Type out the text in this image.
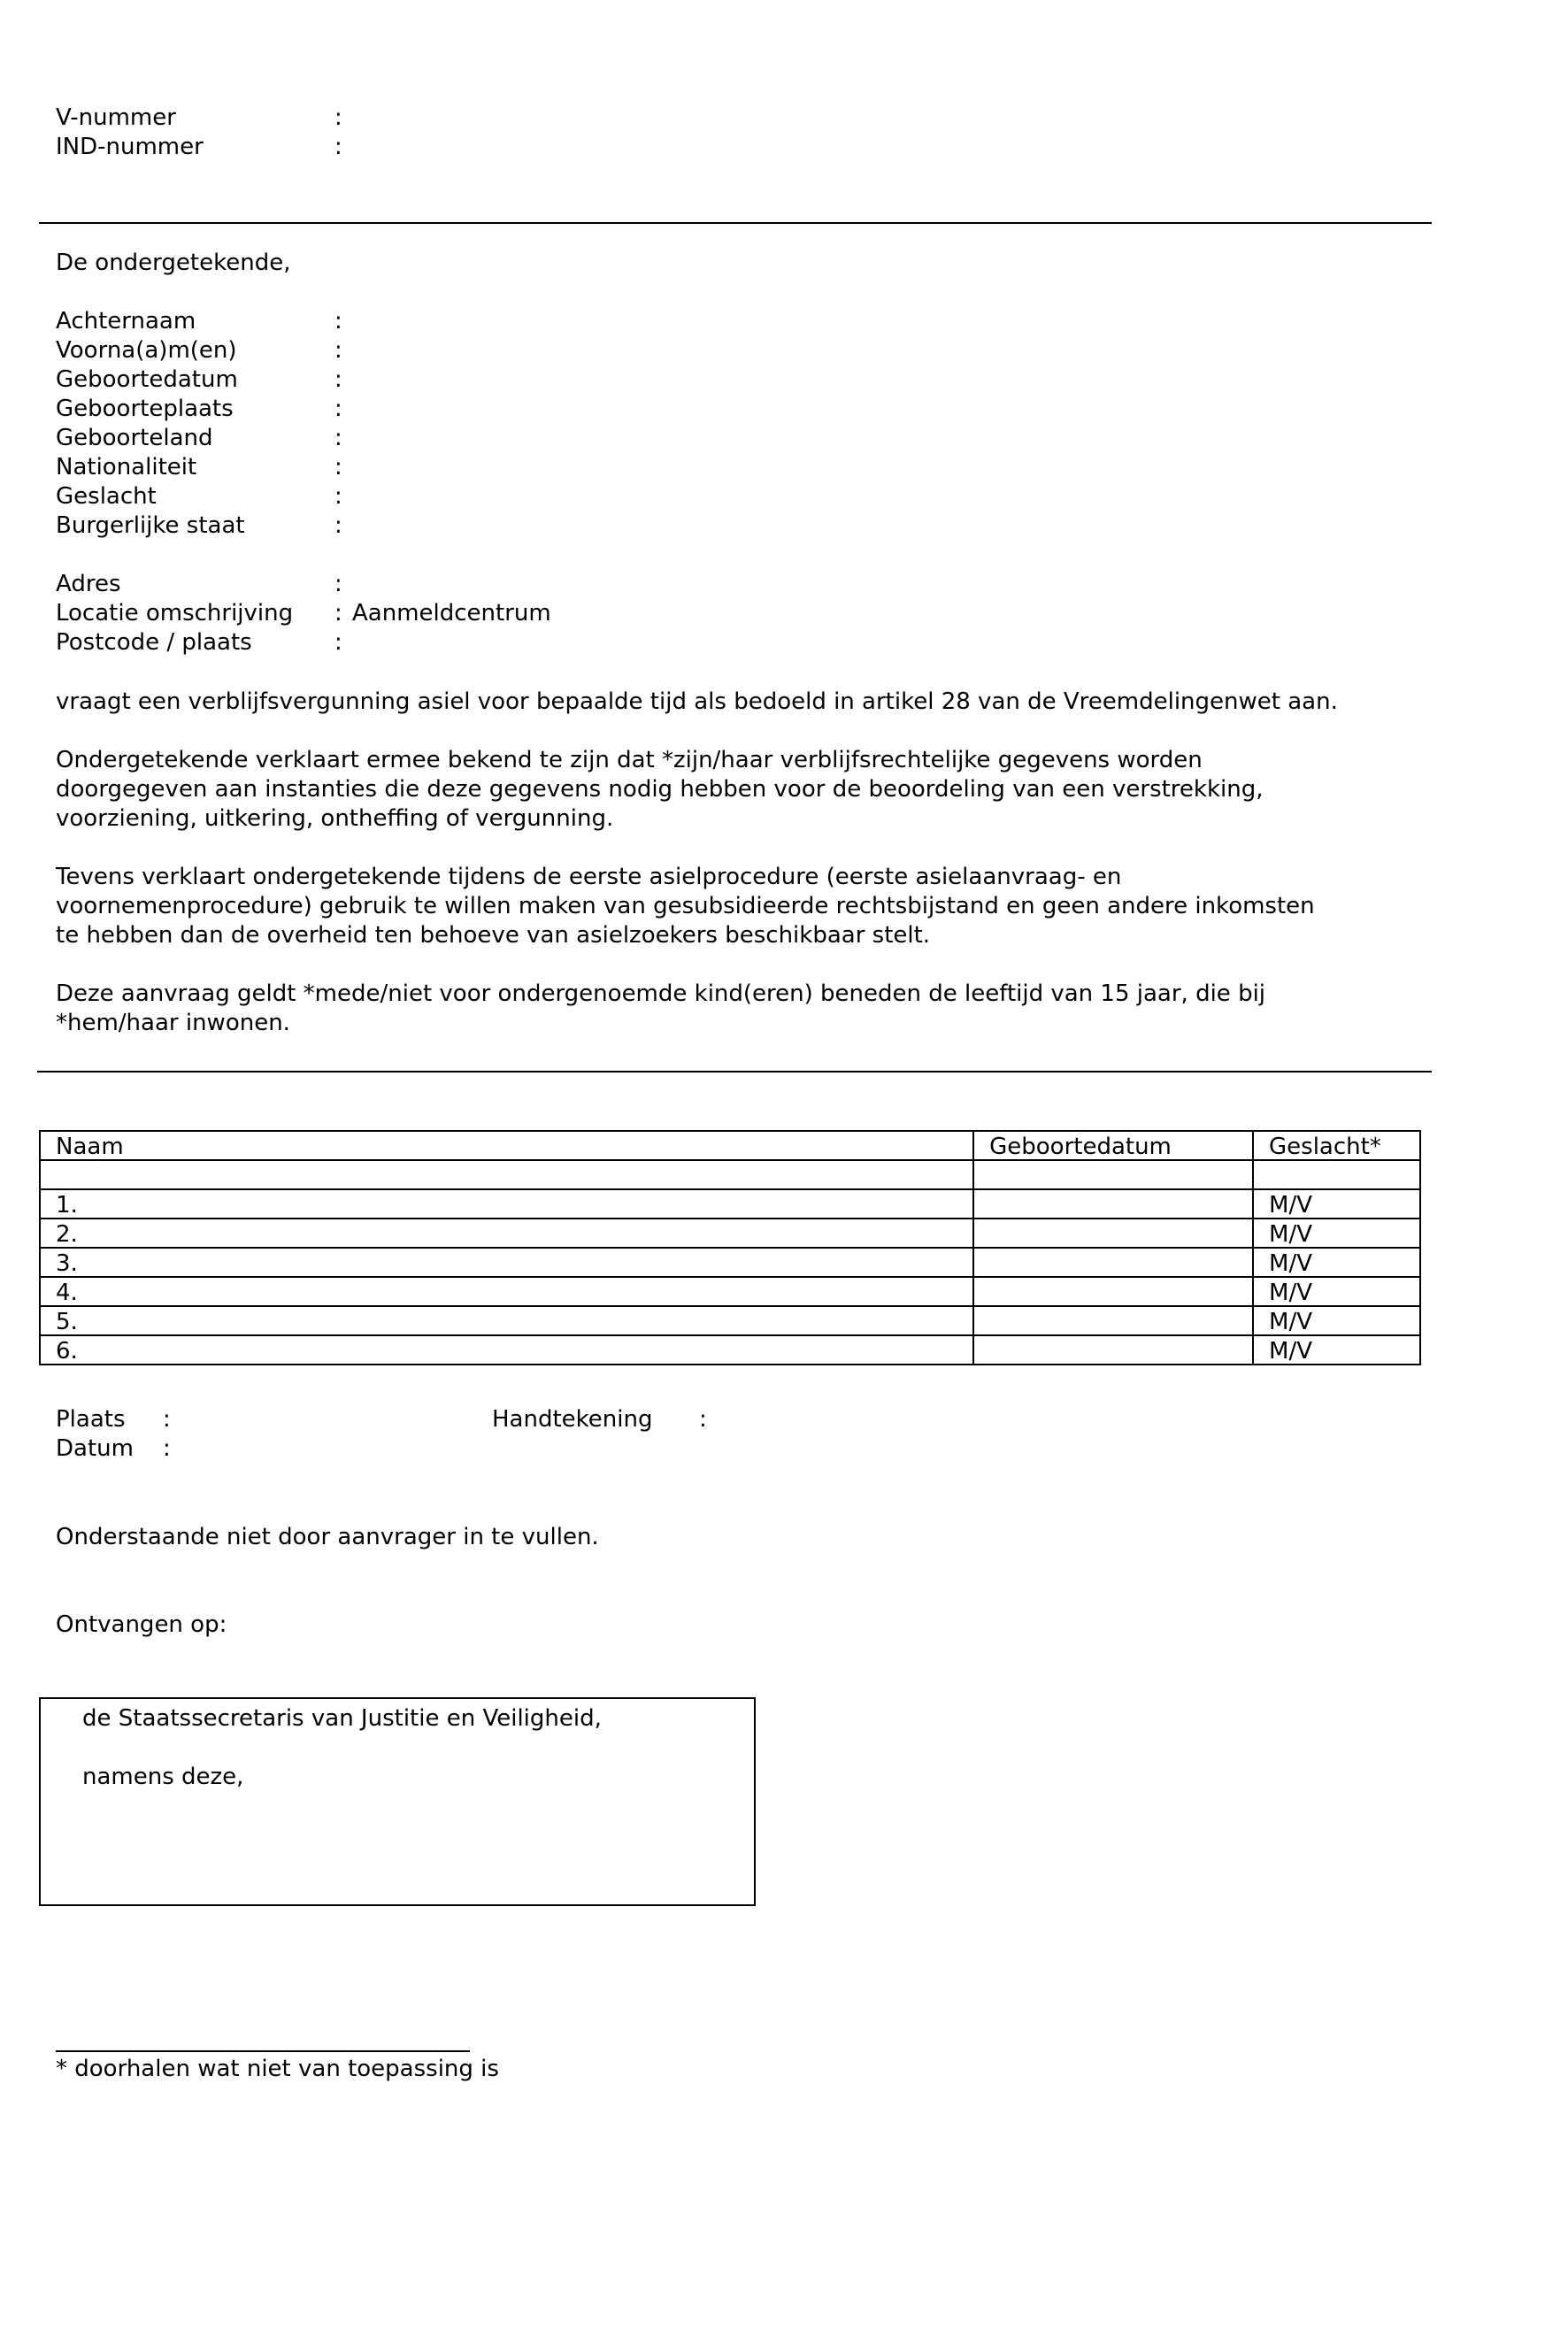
V-nummer	:
IND-nummer	:
De ondergetekende,
Achternaam	:
Voorna(a)m(en)	:
Geboortedatum	:
Geboorteplaats	:
Geboorteland	:
Nationaliteit	:
Geslacht	:
Burgerlijke staat	:
Adres	:
Locatie omschrijving : Aanmeldcentrum
Postcode / plaats	:
vraagt een verblijfsvergunning asiel voor bepaalde tijd als bedoeld in artikel 28 van de Vreemdelingenwet aan.
Ondergetekende verklaart ermee bekend te zijn dat *zijn/haar verblijfsrechtelijke gegevens worden
doorgegeven aan instanties die deze gegevens nodig hebben voor de beoordeling van een verstrekking,
voorziening, uitkering, ontheffing of vergunning.
Tevens verklaart ondergetekende tijdens de eerste asielprocedure (eerste asielaanvraag- en
voornemenprocedure) gebruik te willen maken van gesubsidieerde rechtsbijstand en geen andere inkomsten
te hebben dan de overheid ten behoeve van asielzoekers beschikbaar stelt.
Deze aanvraag geldt *mede/niet voor ondergenoemde kind(eren) beneden de leeftijd van 15 jaar, die bij
*hem/haar inwonen.
Naam	Geboortedatum	Geslacht*

1.		M/V
2.		M/V
3.		M/V
4.		M/V
5.		M/V
6.		M/V
Plaats :
Datum :
Handtekening :
Onderstaande niet door aanvrager in te vullen.
Ontvangen op:
de Staatssecretaris van Justitie en Veiligheid,
namens deze,
* doorhalen wat niet van toepassing is
